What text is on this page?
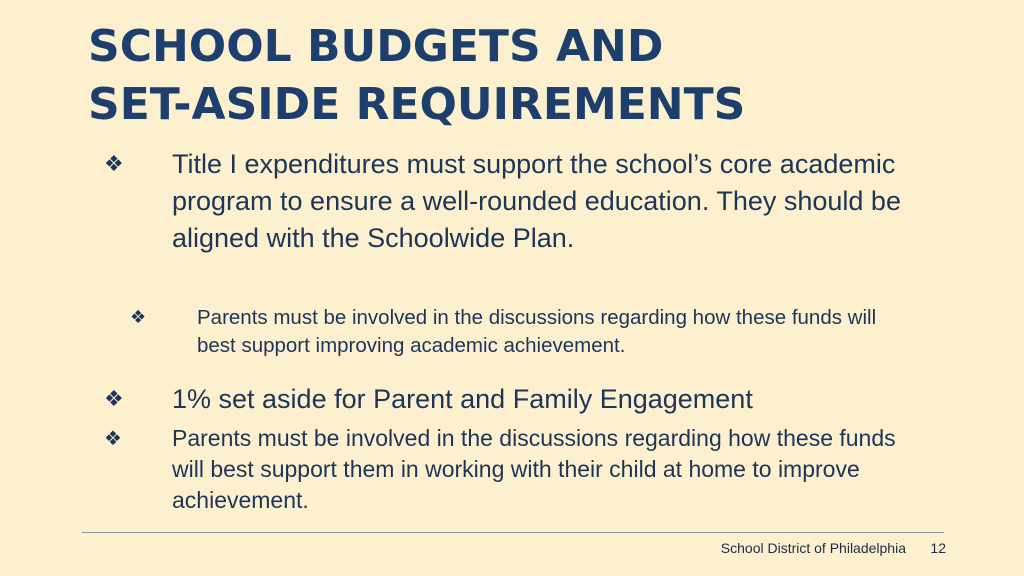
SCHOOL BUDGETS AND
SET-ASIDE REQUIREMENTS
❖	Title I expenditures must support the school’s core academic program to ensure a well-rounded education. They should be aligned with the Schoolwide Plan.
❖	Parents must be involved in the discussions regarding how these funds will best support improving academic achievement.
❖	1% set aside for Parent and Family Engagement
❖	Parents must be involved in the discussions regarding how these funds will best support them in working with their child at home to improve achievement.
School District of Philadelphia 12
